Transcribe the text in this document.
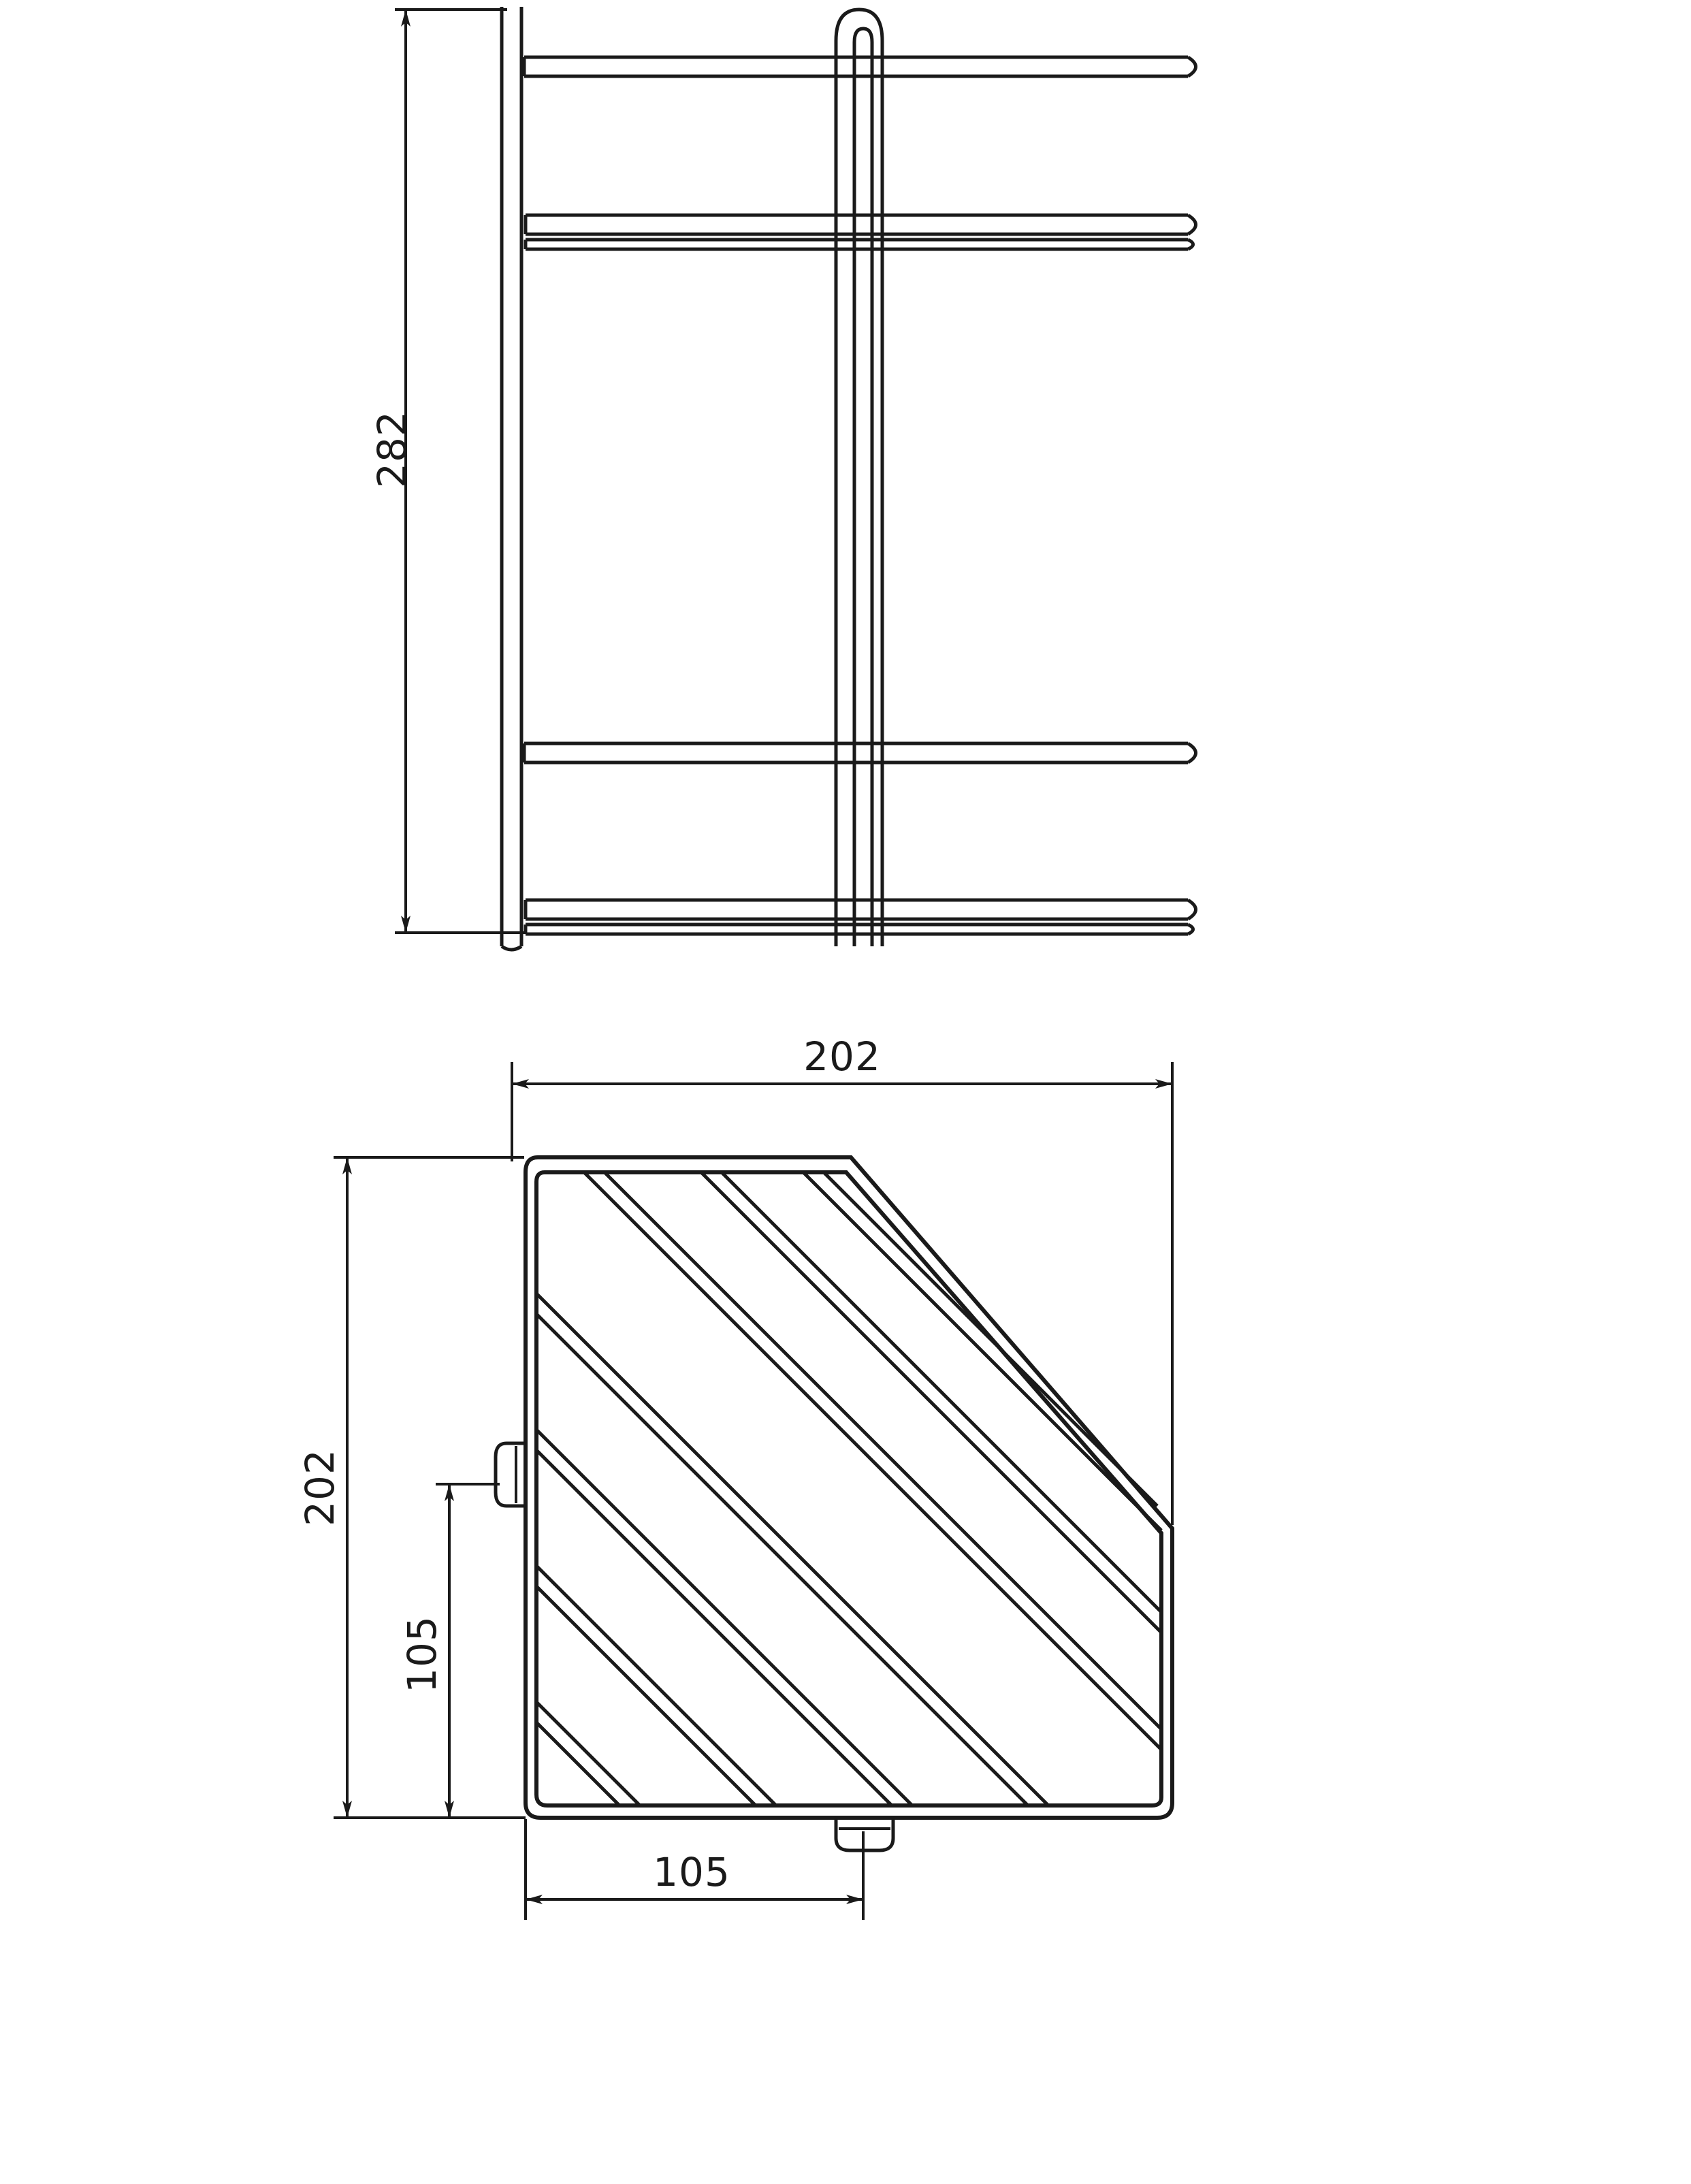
282
202
202
105
105
